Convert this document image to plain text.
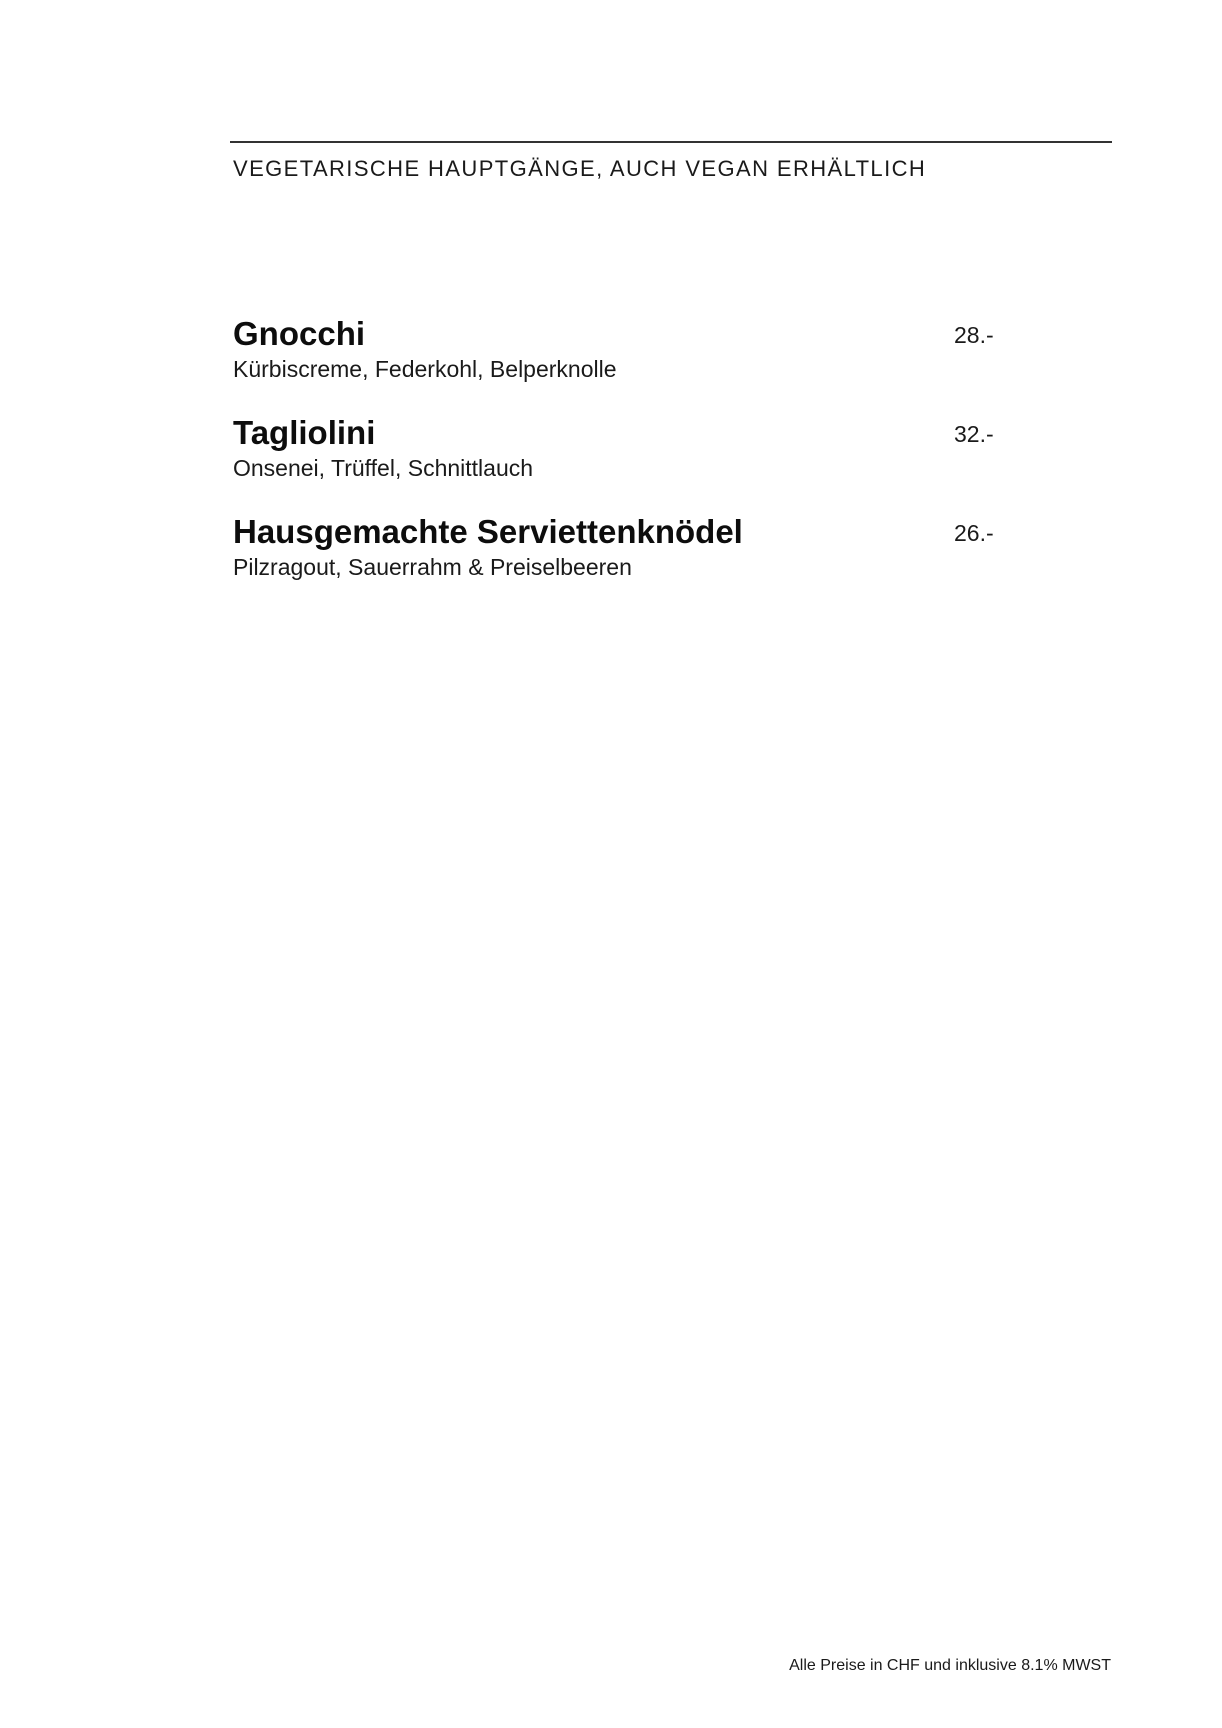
VEGETARISCHE HAUPTGÄNGE, AUCH VEGAN ERHÄLTLICH
Gnocchi
Kürbiscreme, Federkohl, Belperknolle
28.-
Tagliolini
Onsenei, Trüffel, Schnittlauch
32.-
Hausgemachte Serviettenknödel
Pilzragout, Sauerrahm & Preiselbeeren
26.-
Alle Preise in CHF und inklusive 8.1% MWST
